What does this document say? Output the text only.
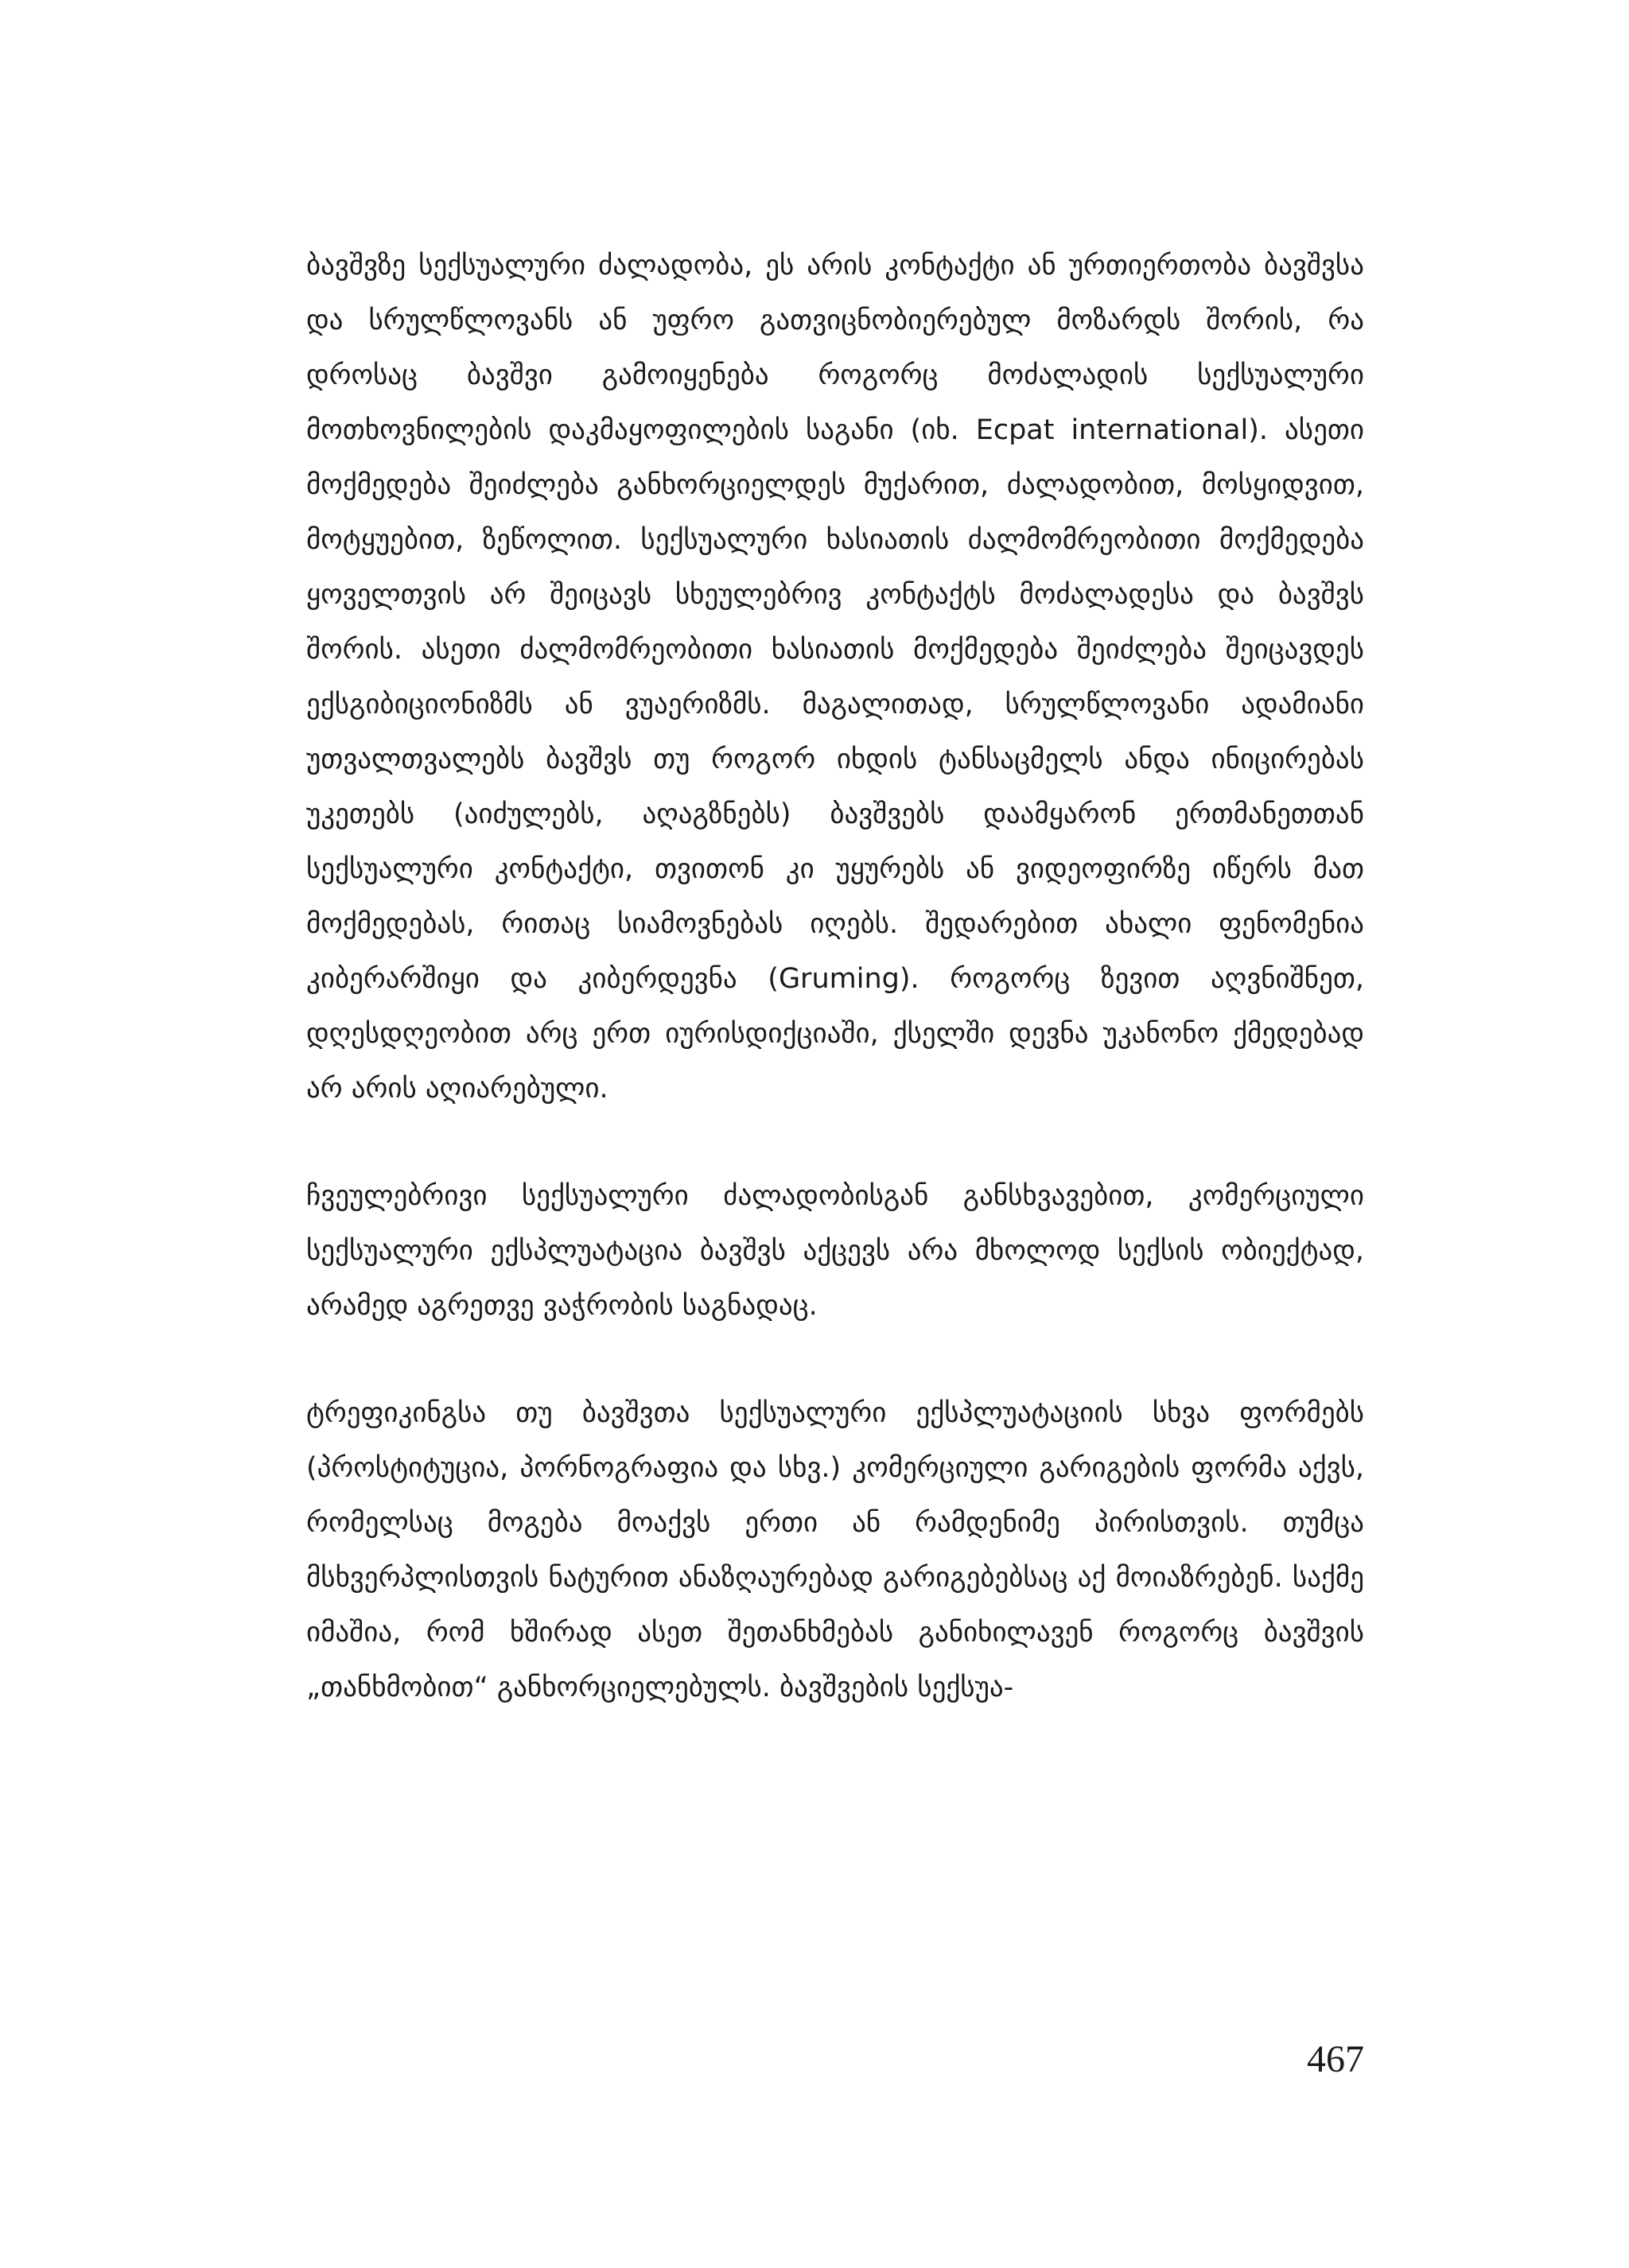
ბავშვზე სექსუალური ძალადობა, ეს არის კონტაქტი ან ურთიერთობა ბავშვსა და სრულწლოვანს ან უფრო გათვიცნობიერებულ მოზარდს შორის, რა დროსაც ბავშვი გამოიყენება როგორც მოძალადის სექსუალური მოთხოვნილების დაკმაყოფილების საგანი (იხ. Ecpat international). ასეთი მოქმედება შეიძლება განხორციელდეს მუქარით, ძალადობით, მოსყიდვით, მოტყუებით, ზეწოლით. სექსუალური ხასიათის ძალმომრეობითი მოქმედება ყოველთვის არ შეიცავს სხეულებრივ კონტაქტს მოძალადესა და ბავშვს შორის. ასეთი ძალმომრეობითი ხასიათის მოქმედება შეიძლება შეიცავდეს ექსგიბიციონიზმს ან ვუაერიზმს. მაგალითად, სრულწლოვანი ადამიანი უთვალთვალებს ბავშვს თუ როგორ იხდის ტანსაცმელს ანდა ინიცირებას უკეთებს (აიძულებს, აღაგზნებს) ბავშვებს დაამყარონ ერთმანეთთან სექსუალური კონტაქტი, თვითონ კი უყურებს ან ვიდეოფირზე იწერს მათ მოქმედებას, რითაც სიამოვნებას იღებს. შედარებით ახალი ფენომენია კიბერარშიყი და კიბერდევნა (Gruming). როგორც ზევით აღვნიშნეთ, დღესდღეობით არც ერთ იურისდიქციაში, ქსელში დევნა უკანონო ქმედებად არ არის აღიარებული.

ჩვეულებრივი სექსუალური ძალადობისგან განსხვავებით, კომერციული სექსუალური ექსპლუატაცია ბავშვს აქცევს არა მხოლოდ სექსის ობიექტად, არამედ აგრეთვე ვაჭრობის საგნადაც.

ტრეფიკინგსა თუ ბავშვთა სექსუალური ექსპლუატაციის სხვა ფორმებს (პროსტიტუცია, პორნოგრაფია და სხვ.) კომერციული გარიგების ფორმა აქვს, რომელსაც მოგება მოაქვს ერთი ან რამდენიმე პირისთვის. თუმცა მსხვერპლისთვის ნატურით ანაზღაურებად გარიგებებსაც აქ მოიაზრებენ. საქმე იმაშია, რომ ხშირად ასეთ შეთანხმებას განიხილავენ როგორც ბავშვის „თანხმობით“ განხორციელებულს. ბავშვების სექსუა-

467
